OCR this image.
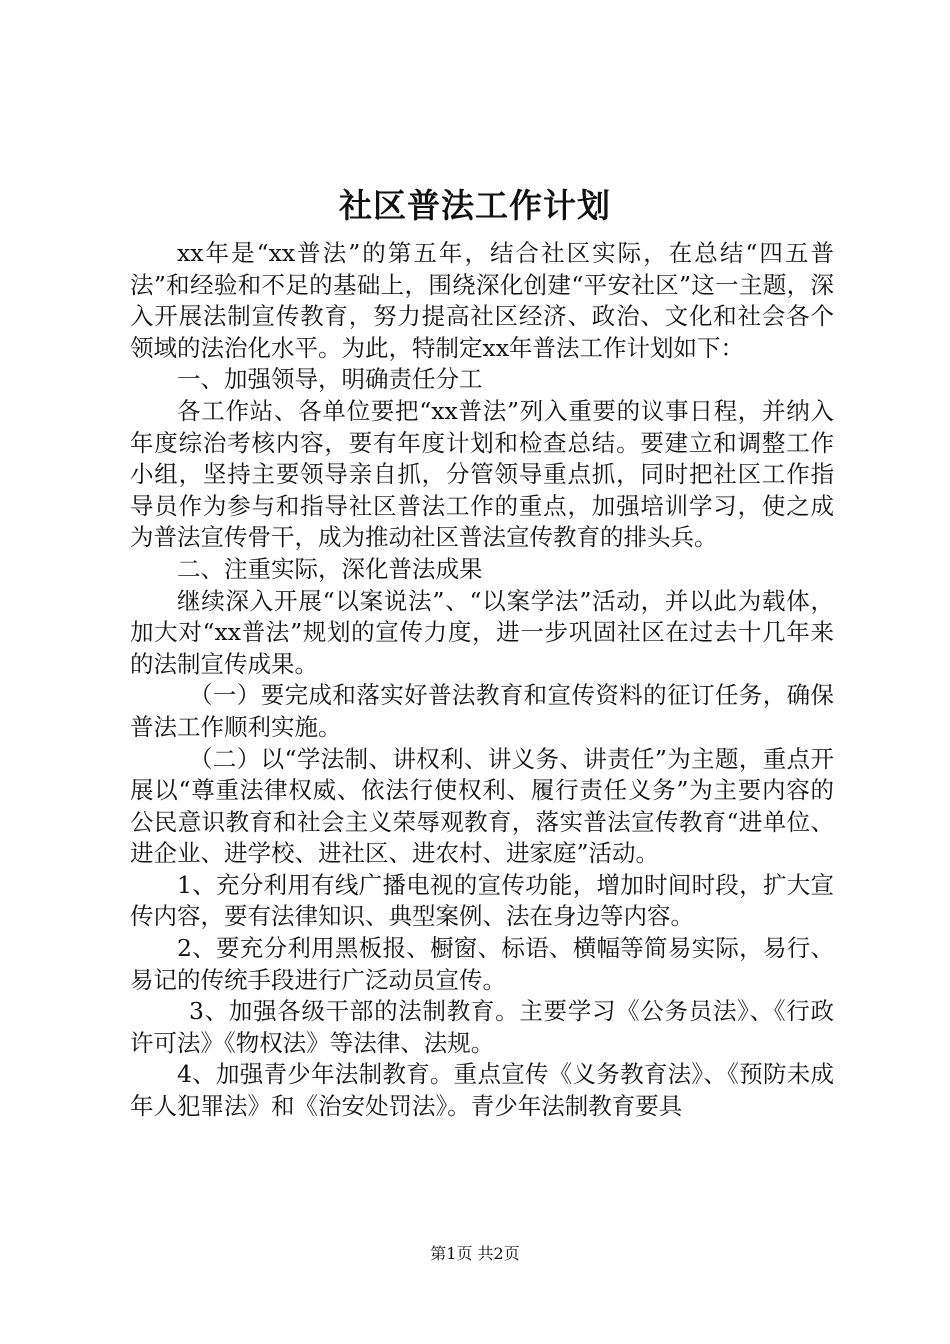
社区普法工作计划

xx年是“xx普法”的第五年，结合社区实际，在总结“四五普法”和经验和不足的基础上，围绕深化创建“平安社区”这一主题，深入开展法制宣传教育，努力提高社区经济、政治、文化和社会各个领域的法治化水平。为此，特制定xx年普法工作计划如下：

一、加强领导，明确责任分工

各工作站、各单位要把“xx普法”列入重要的议事日程，并纳入年度综治考核内容，要有年度计划和检查总结。要建立和调整工作小组，坚持主要领导亲自抓，分管领导重点抓，同时把社区工作指导员作为参与和指导社区普法工作的重点，加强培训学习，使之成为普法宣传骨干，成为推动社区普法宣传教育的排头兵。

二、注重实际，深化普法成果

继续深入开展“以案说法”、“以案学法”活动，并以此为载体，加大对“xx普法”规划的宣传力度，进一步巩固社区在过去十几年来的法制宣传成果。

（一）要完成和落实好普法教育和宣传资料的征订任务，确保普法工作顺利实施。

（二）以“学法制、讲权利、讲义务、讲责任”为主题，重点开展以“尊重法律权威、依法行使权利、履行责任义务”为主要内容的公民意识教育和社会主义荣辱观教育，落实普法宣传教育“进单位、进企业、进学校、进社区、进农村、进家庭”活动。

1、充分利用有线广播电视的宣传功能，增加时间时段，扩大宣传内容，要有法律知识、典型案例、法在身边等内容。

2、要充分利用黑板报、橱窗、标语、横幅等简易实际，易行、易记的传统手段进行广泛动员宣传。

3、加强各级干部的法制教育。主要学习《公务员法》、《行政许可法》《物权法》等法律、法规。

4、加强青少年法制教育。重点宣传《义务教育法》、《预防未成年人犯罪法》和《治安处罚法》。青少年法制教育要具

第1页 共2页
